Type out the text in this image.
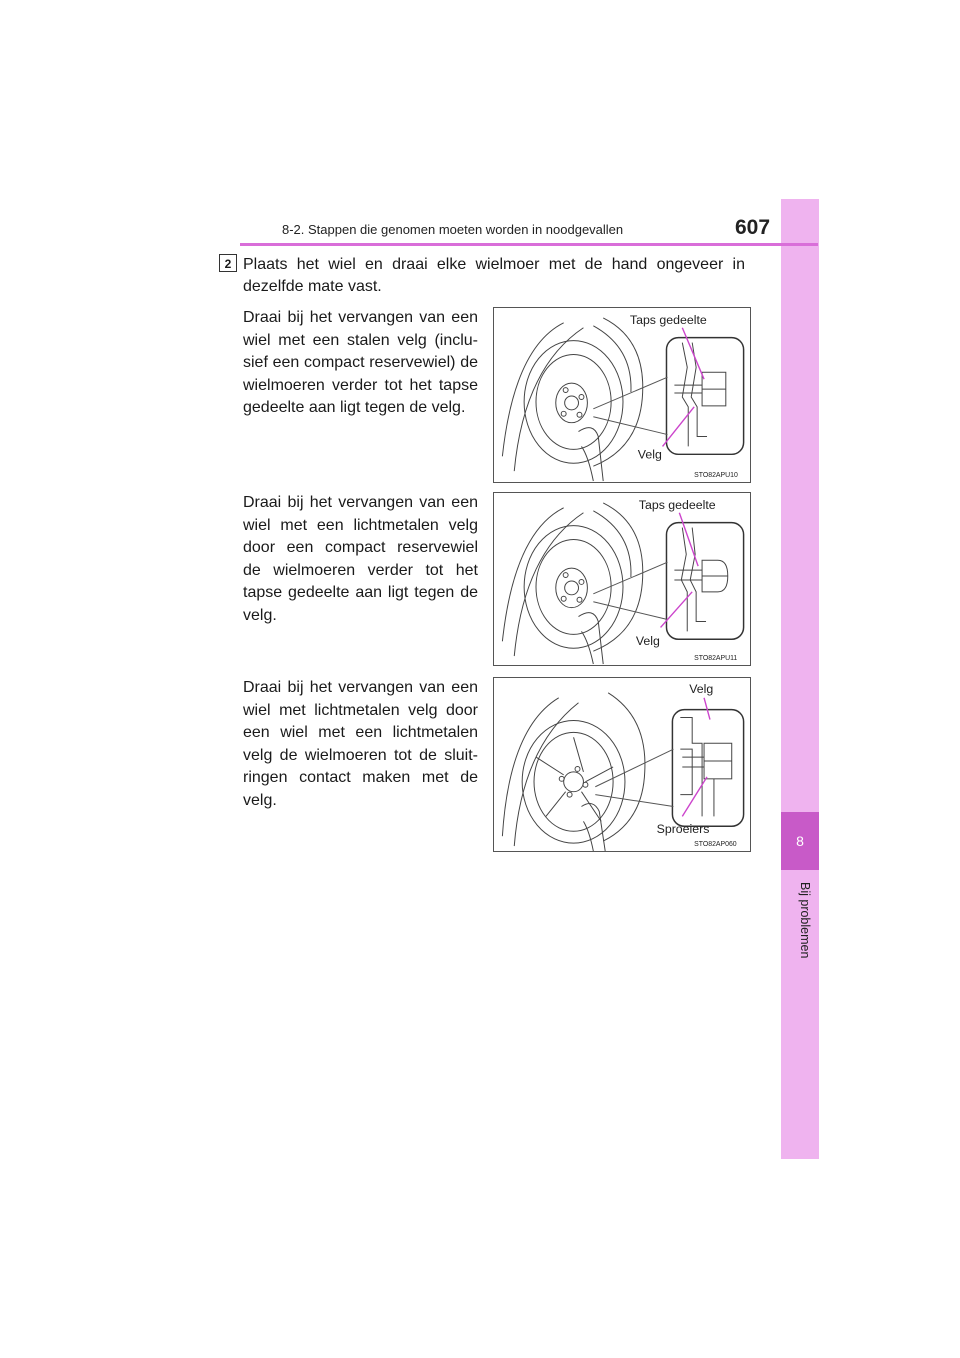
8
Bij problemen
8-2. Stappen die genomen moeten worden in noodgevallen	607
2 Plaats het wiel en draai elke wielmoer met de hand ongeveer in dezelfde mate vast.
Draai bij het vervangen van een wiel met een stalen velg (inclu-sief een compact reservewiel) de wielmoeren verder tot het tapse gedeelte aan ligt tegen de velg.
Draai bij het vervangen van een wiel met een lichtmetalen velg door een compact reservewiel de wielmoeren verder tot het tapse gedeelte aan ligt tegen de velg.
Draai bij het vervangen van een wiel met lichtmetalen velg door een wiel met een lichtmetalen velg de wielmoeren tot de sluit-ringen contact maken met de velg.
Taps gedeelte
Velg
STO82APU10
Taps gedeelte
Velg
STO82APU11
Velg
Sproeiers
STO82AP060
